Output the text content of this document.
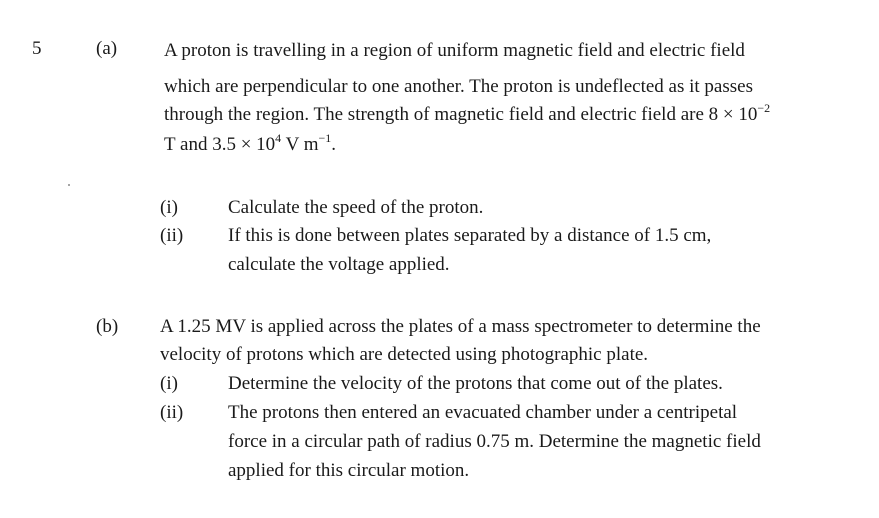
5	(a) A proton is travelling in a region of uniform magnetic field and electric field
which are perpendicular to one another. The proton is undeflected as it passes
through the region. The strength of magnetic field and electric field are $8 \times 10^{-2}$
T and $3.5 \times 10^4$ V $m^{-1}$.
(i)	Calculate the speed of the proton.
(ii) If this is done between plates separated by a distance of 1.5 cm,
calculate the voltage applied.
(b) A 1.25 MV is applied across the plates of a mass spectrometer to determine the
velocity of protons which are detected using photographic plate.
(i)	Determine the velocity of the protons that come out of the plates.
(ii) The protons then entered an evacuated chamber under a centripetal
force in a circular path of radius 0.75 m. Determine the magnetic field
applied for this circular motion.
